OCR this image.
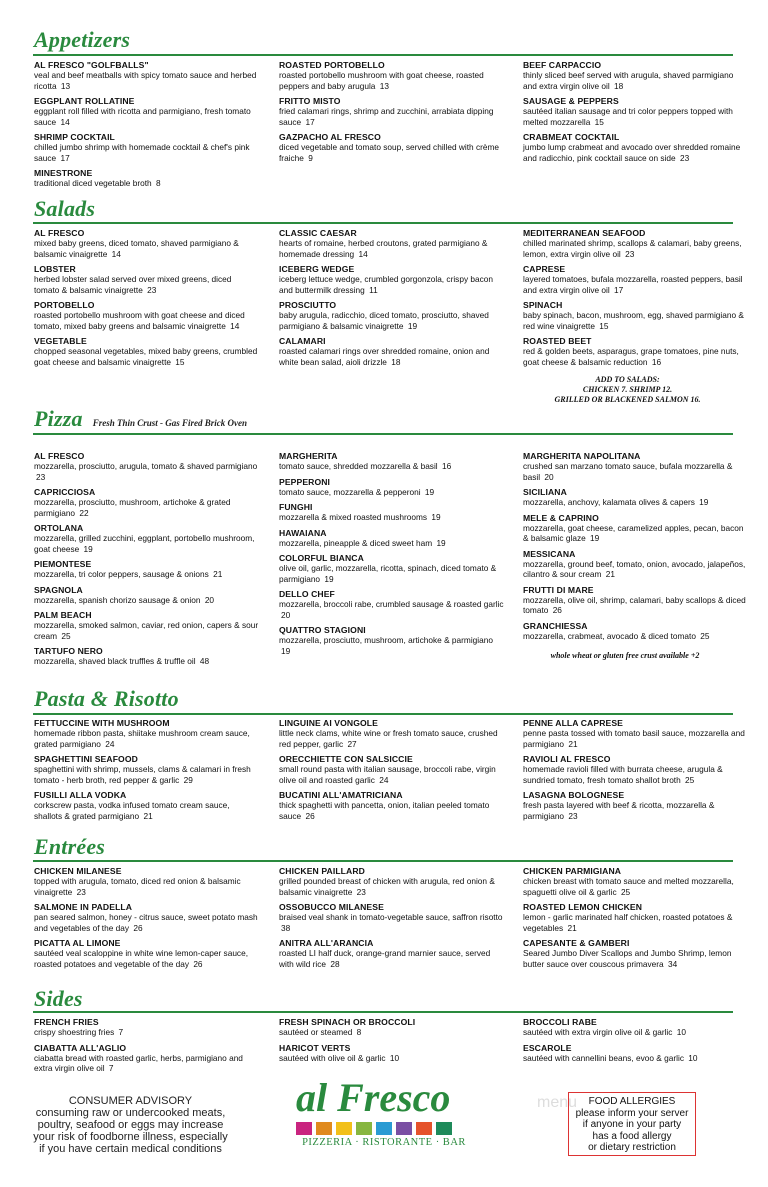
Appetizers
AL FRESCO "GOLFBALLS"
veal and beef meatballs with spicy tomato sauce and herbed ricotta 13
EGGPLANT ROLLATINE
eggplant roll filled with ricotta and parmigiano, fresh tomato sauce 14
SHRIMP COCKTAIL
chilled jumbo shrimp with homemade cocktail & chef's pink sauce 17
MINESTRONE
traditional diced vegetable broth 8
ROASTED PORTOBELLO
roasted portobello mushroom with goat cheese, roasted peppers and baby arugula 13
FRITTO MISTO
fried calamari rings, shrimp and zucchini, arrabiata dipping sauce 17
GAZPACHO AL FRESCO
diced vegetable and tomato soup, served chilled with crème fraiche 9
BEEF CARPACCIO
thinly sliced beef served with arugula, shaved parmigiano and extra virgin olive oil 18
SAUSAGE & PEPPERS
sautéed italian sausage and tri color peppers topped with melted mozzarella 15
CRABMEAT COCKTAIL
jumbo lump crabmeat and avocado over shredded romaine and radicchio, pink cocktail sauce on side 23
Salads
AL FRESCO
mixed baby greens, diced tomato, shaved parmigiano & balsamic vinaigrette 14
LOBSTER
herbed lobster salad served over mixed greens, diced tomato & balsamic vinaigrette 23
PORTOBELLO
roasted portobello mushroom with goat cheese and diced tomato, mixed baby greens and balsamic vinaigrette 14
VEGETABLE
chopped seasonal vegetables, mixed baby greens, crumbled goat cheese and balsamic vinaigrette 15
CLASSIC CAESAR
hearts of romaine, herbed croutons, grated parmigiano & homemade dressing 14
ICEBERG WEDGE
iceberg lettuce wedge, crumbled gorgonzola, crispy bacon and buttermilk dressing 11
PROSCIUTTO
baby arugula, radicchio, diced tomato, prosciutto, shaved parmigiano & balsamic vinaigrette 19
CALAMARI
roasted calamari rings over shredded romaine, onion and white bean salad, aioli drizzle 18
MEDITERRANEAN SEAFOOD
chilled marinated shrimp, scallops & calamari, baby greens, lemon, extra virgin olive oil 23
CAPRESE
layered tomatoes, bufala mozzarella, roasted peppers, basil and extra virgin olive oil 17
SPINACH
baby spinach, bacon, mushroom, egg, shaved parmigiano & red wine vinaigrette 15
ROASTED BEET
red & golden beets, asparagus, grape tomatoes, pine nuts, goat cheese & balsamic reduction 16
ADD TO SALADS:
CHICKEN 7. SHRIMP 12.
GRILLED OR BLACKENED SALMON 16.
Pizza Fresh Thin Crust - Gas Fired Brick Oven
AL FRESCO
mozzarella, prosciutto, arugula, tomato & shaved parmigiano 23
CAPRICCIOSA
mozzarella, prosciutto, mushroom, artichoke & grated parmigiano 22
ORTOLANA
mozzarella, grilled zucchini, eggplant, portobello mushroom, goat cheese 19
PIEMONTESE
mozzarella, tri color peppers, sausage & onions 21
SPAGNOLA
mozzarella, spanish chorizo sausage & onion 20
PALM BEACH
mozzarella, smoked salmon, caviar, red onion, capers & sour cream 25
TARTUFO NERO
mozzarella, shaved black truffles & truffle oil 48
MARGHERITA
tomato sauce, shredded mozzarella & basil 16
PEPPERONI
tomato sauce, mozzarella & pepperoni 19
FUNGHI
mozzarella & mixed roasted mushrooms 19
HAWAIANA
mozzarella, pineapple & diced sweet ham 19
COLORFUL BIANCA
olive oil, garlic, mozzarella, ricotta, spinach, diced tomato & parmigiano 19
DELLO CHEF
mozzarella, broccoli rabe, crumbled sausage & roasted garlic 20
QUATTRO STAGIONI
mozzarella, prosciutto, mushroom, artichoke & parmigiano 19
MARGHERITA NAPOLITANA
crushed san marzano tomato sauce, bufala mozzarella & basil 20
SICILIANA
mozzarella, anchovy, kalamata olives & capers 19
MELE & CAPRINO
mozzarella, goat cheese, caramelized apples, pecan, bacon & balsamic glaze 19
MESSICANA
mozzarella, ground beef, tomato, onion, avocado, jalapeños, cilantro & sour cream 21
FRUTTI DI MARE
mozzarella, olive oil, shrimp, calamari, baby scallops & diced tomato 26
GRANCHIESSA
mozzarella, crabmeat, avocado & diced tomato 25
whole wheat or gluten free crust available +2
Pasta & Risotto
FETTUCCINE WITH MUSHROOM
homemade ribbon pasta, shiitake mushroom cream sauce, grated parmigiano 24
SPAGHETTINI SEAFOOD
spaghettini with shrimp, mussels, clams & calamari in fresh tomato - herb broth, red pepper & garlic 29
FUSILLI ALLA VODKA
corkscrew pasta, vodka infused tomato cream sauce, shallots & grated parmigiano 21
LINGUINE AI VONGOLE
little neck clams, white wine or fresh tomato sauce, crushed red pepper, garlic 27
ORECCHIETTE CON SALSICCIE
small round pasta with italian sausage, broccoli rabe, virgin olive oil and roasted garlic 24
BUCATINI ALL'AMATRICIANA
thick spaghetti with pancetta, onion, italian peeled tomato sauce 26
PENNE ALLA CAPRESE
penne pasta tossed with tomato basil sauce, mozzarella and parmigiano 21
RAVIOLI AL FRESCO
homemade ravioli filled with burrata cheese, arugula & sundried tomato, fresh tomato shallot broth 25
LASAGNA BOLOGNESE
fresh pasta layered with beef & ricotta, mozzarella & parmigiano 23
Entrées
CHICKEN MILANESE
topped with arugula, tomato, diced red onion & balsamic vinaigrette 23
SALMONE IN PADELLA
pan seared salmon, honey - citrus sauce, sweet potato mash and vegetables of the day 26
PICATTA AL LIMONE
sautéed veal scaloppine in white wine lemon-caper sauce, roasted potatoes and vegetable of the day 26
CHICKEN PAILLARD
grilled pounded breast of chicken with arugula, red onion & balsamic vinaigrette 23
OSSOBUCCO MILANESE
braised veal shank in tomato-vegetable sauce, saffron risotto 38
ANITRA ALL'ARANCIA
roasted LI half duck, orange-grand marnier sauce, served with wild rice 28
CHICKEN PARMIGIANA
chicken breast with tomato sauce and melted mozzarella, spaguetti olive oil & garlic 25
ROASTED LEMON CHICKEN
lemon - garlic marinated half chicken, roasted potatoes & vegetables 21
CAPESANTE & GAMBERI
Seared Jumbo Diver Scallops and Jumbo Shrimp, lemon butter sauce over couscous primavera 34
Sides
FRENCH FRIES
crispy shoestring fries 7
CIABATTA ALL'AGLIO
ciabatta bread with roasted garlic, herbs, parmigiano and extra virgin olive oil 7
FRESH SPINACH OR BROCCOLI
sautéed or steamed 8
HARICOT VERTS
sautéed with olive oil & garlic 10
BROCCOLI RABE
sautéed with extra virgin olive oil & garlic 10
ESCAROLE
sautéed with cannellini beans, evoo & garlic 10
CONSUMER ADVISORY
consuming raw or undercooked meats,
poultry, seafood or eggs may increase
your risk of foodborne illness, especially
if you have certain medical conditions
al Fresco
PIZZERIA · RISTORANTE · BAR
menu	FOOD ALLERGIES
please inform your server
if anyone in your party
has a food allergy
or dietary restriction
